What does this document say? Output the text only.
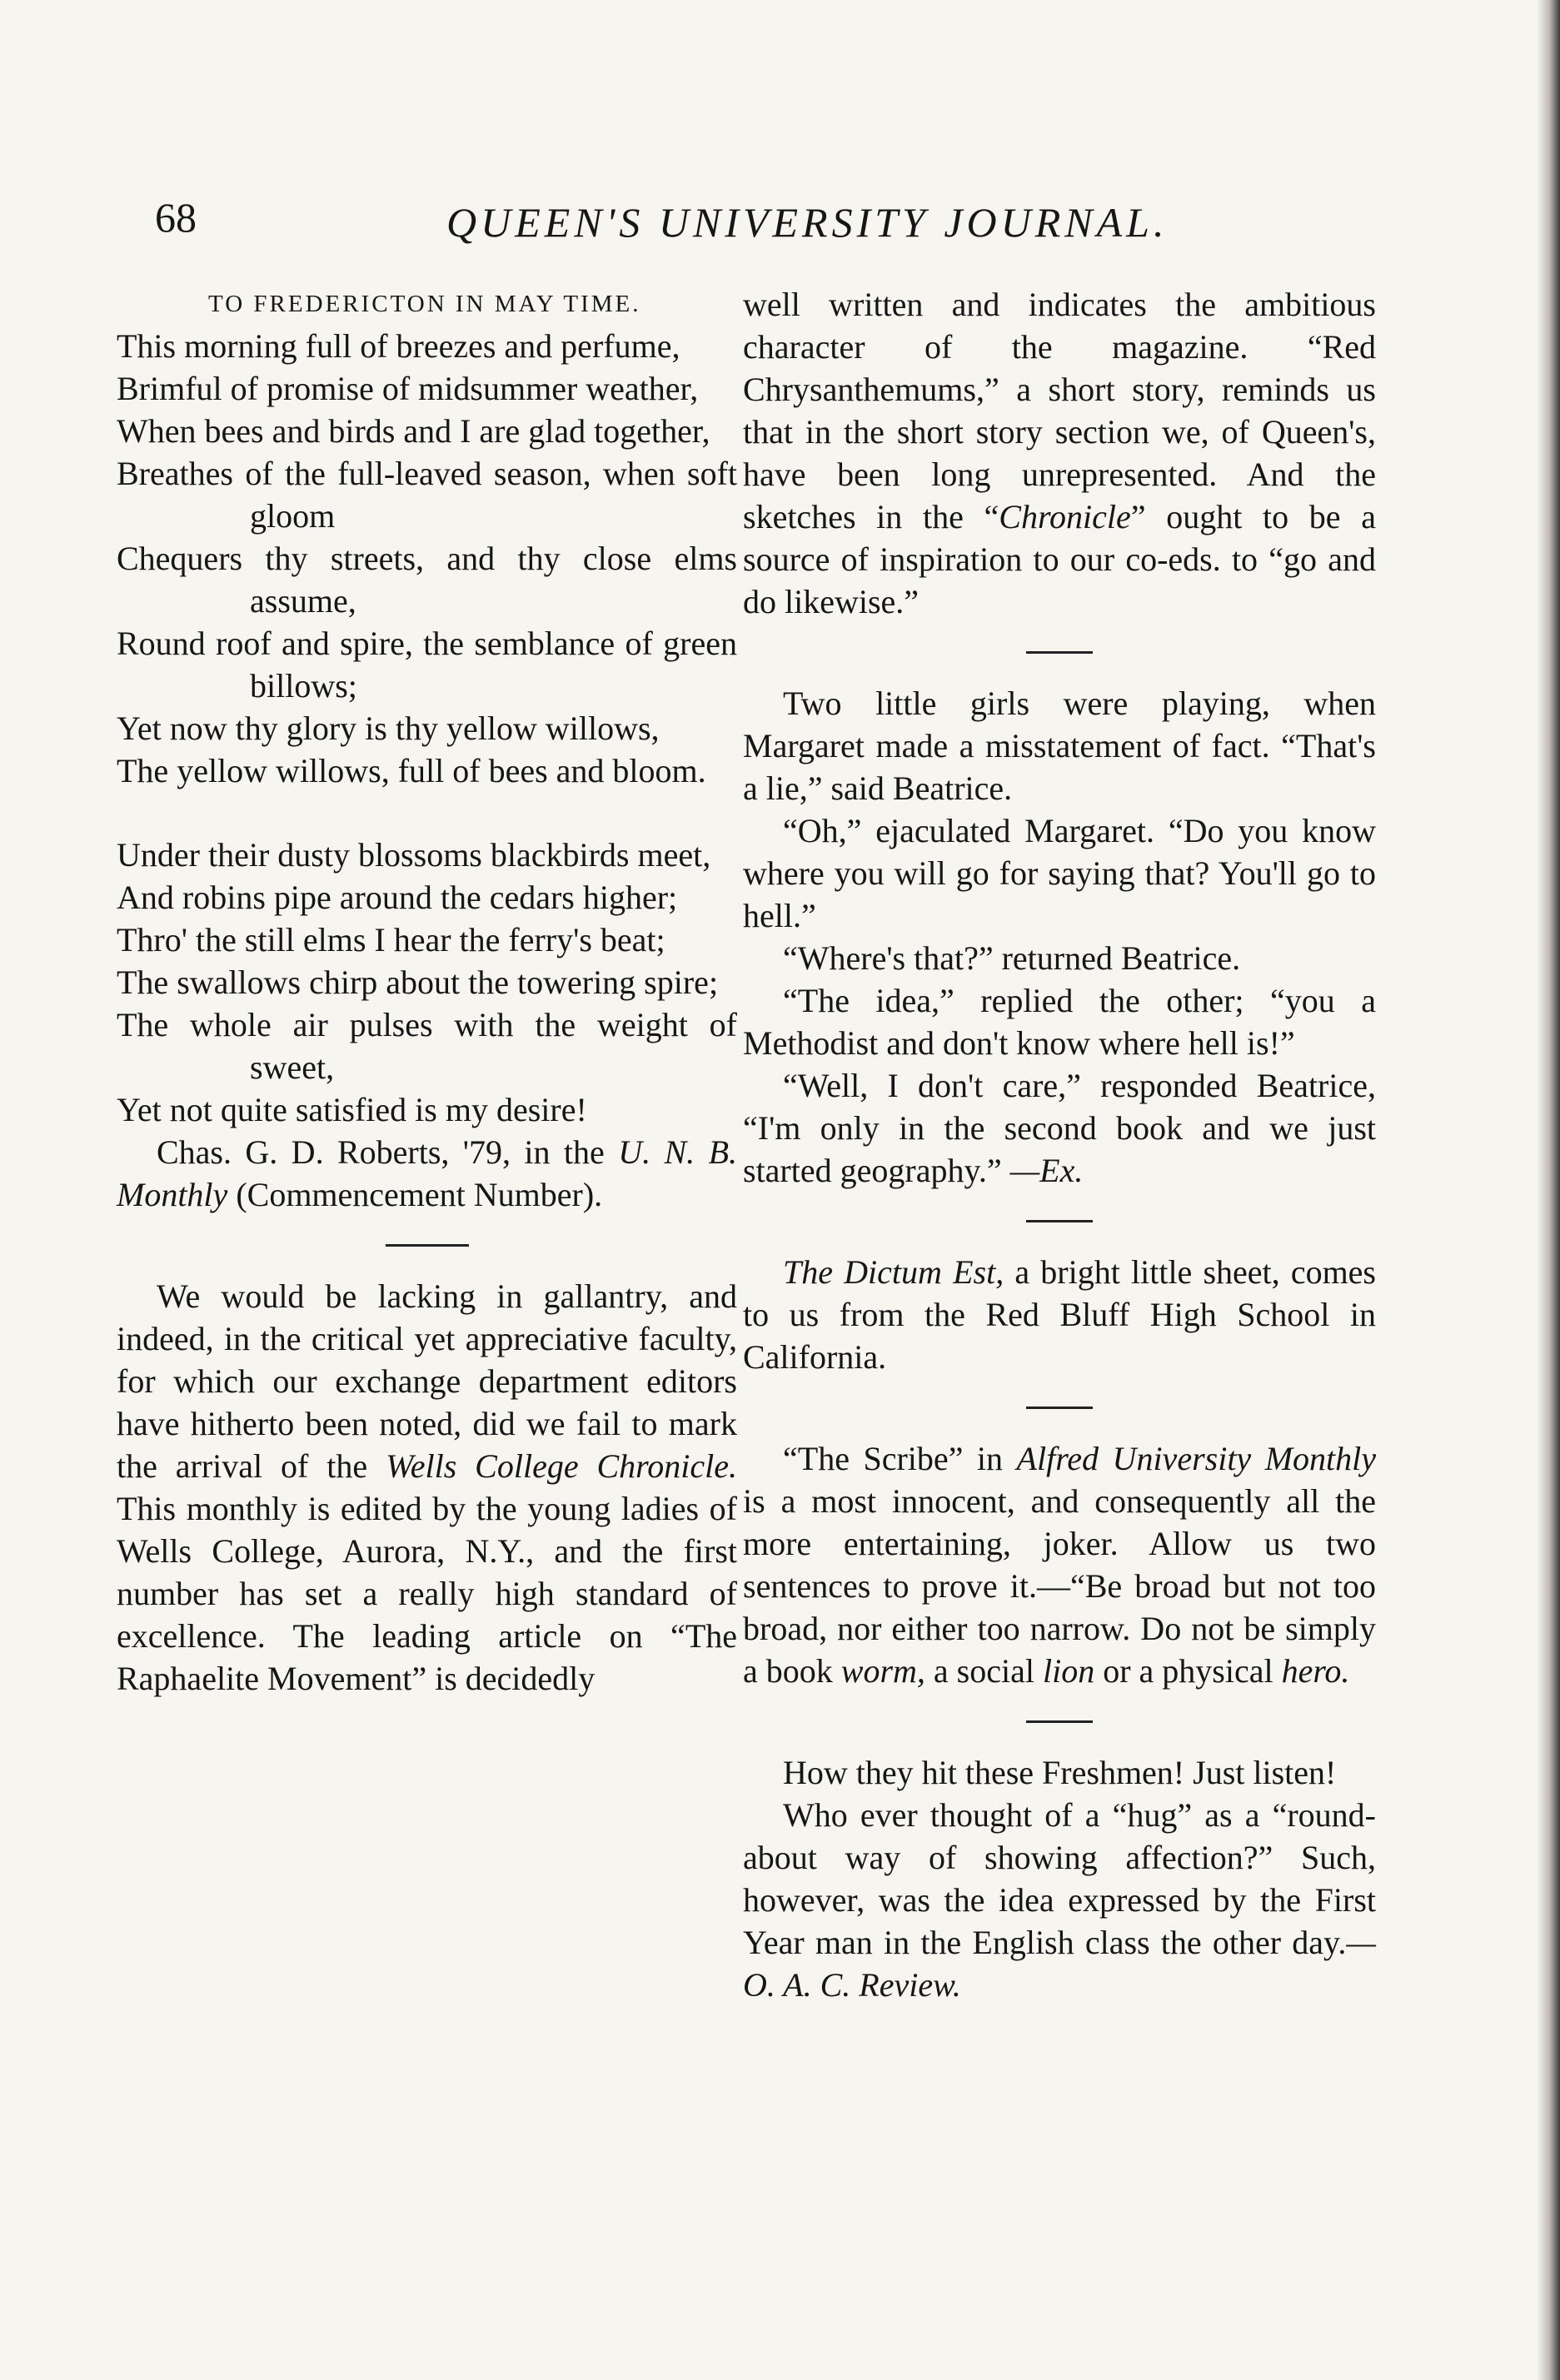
68	QUEEN'S UNIVERSITY JOURNAL.
TO FREDERICTON IN MAY TIME.
This morning full of breezes and perfume,
Brimful of promise of midsummer weather,
When bees and birds and I are glad together,
Breathes of the full-leaved season, when soft gloom
Chequers thy streets, and thy close elms assume,
Round roof and spire, the semblance of green billows;
Yet now thy glory is thy yellow willows,
The yellow willows, full of bees and bloom.
Under their dusty blossoms blackbirds meet,
And robins pipe around the cedars higher;
Thro' the still elms I hear the ferry's beat;
The swallows chirp about the towering spire;
The whole air pulses with the weight of sweet,
Yet not quite satisfied is my desire!

Chas. G. D. Roberts, '79, in the U. N. B. Monthly (Commencement Number).

We would be lacking in gallantry, and indeed, in the critical yet appreciative faculty, for which our exchange department editors have hitherto been noted, did we fail to mark the arrival of the Wells College Chronicle. This monthly is edited by the young ladies of Wells College, Aurora, N.Y., and the first number has set a really high standard of excellence. The leading article on “The Raphaelite Movement” is decidedly

well written and indicates the ambitious character of the magazine. “Red Chrysanthemums,” a short story, reminds us that in the short story section we, of Queen's, have been long unrepresented. And the sketches in the “Chronicle” ought to be a source of inspiration to our co-eds. to “go and do likewise.”

Two little girls were playing, when Margaret made a misstatement of fact. “That's a lie,” said Beatrice.

“Oh,” ejaculated Margaret. “Do you know where you will go for saying that? You'll go to hell.”

“Where's that?” returned Beatrice.

“The idea,” replied the other; “you a Methodist and don't know where hell is!”

“Well, I don't care,” responded Beatrice, “I'm only in the second book and we just started geography.” —Ex.

The Dictum Est, a bright little sheet, comes to us from the Red Bluff High School in California.

“The Scribe” in Alfred University Monthly is a most innocent, and consequently all the more entertaining, joker. Allow us two sentences to prove it.—“Be broad but not too broad, nor either too narrow. Do not be simply a book worm, a social lion or a physical hero.

How they hit these Freshmen! Just listen!

Who ever thought of a “hug” as a “round-about way of showing affection?” Such, however, was the idea expressed by the First Year man in the English class the other day.—O. A. C. Review.
